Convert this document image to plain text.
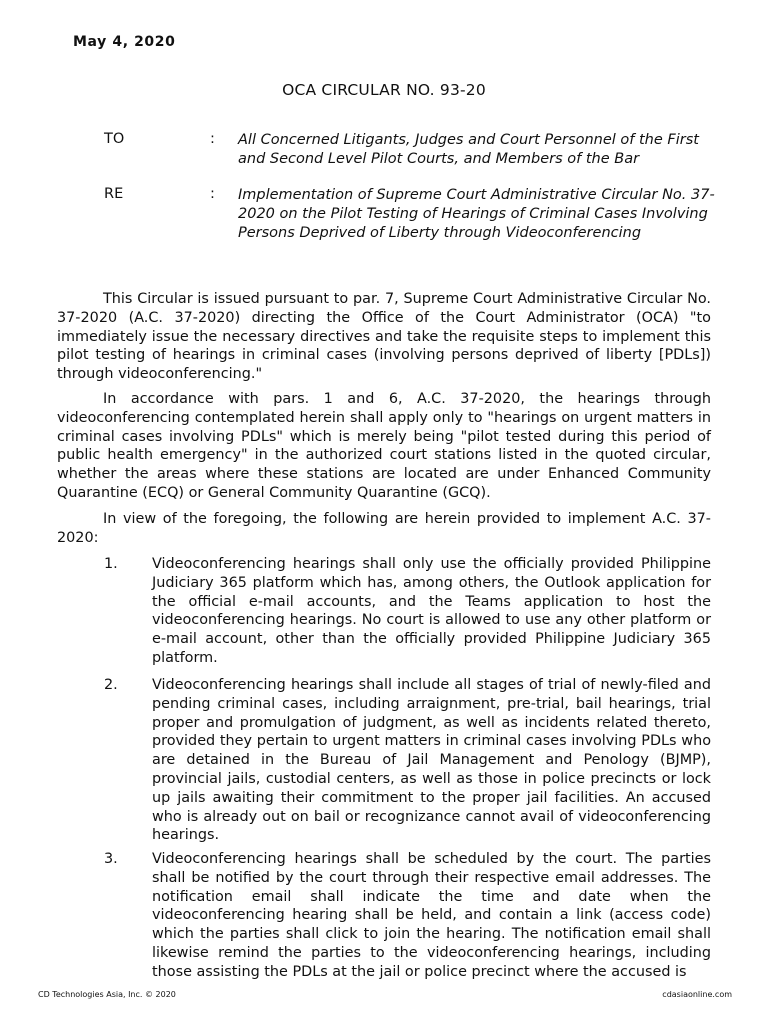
May 4, 2020
OCA CIRCULAR NO. 93-20
TO	: All Concerned Litigants, Judges and Court Personnel of the First and Second Level Pilot Courts, and Members of the Bar
RE	: Implementation of Supreme Court Administrative Circular No. 37-2020 on the Pilot Testing of Hearings of Criminal Cases Involving Persons Deprived of Liberty through Videoconferencing

This Circular is issued pursuant to par. 7, Supreme Court Administrative Circular No. 37-2020 (A.C. 37-2020) directing the Office of the Court Administrator (OCA) "to immediately issue the necessary directives and take the requisite steps to implement this pilot testing of hearings in criminal cases (involving persons deprived of liberty [PDLs]) through videoconferencing."

In accordance with pars. 1 and 6, A.C. 37-2020, the hearings through videoconferencing contemplated herein shall apply only to "hearings on urgent matters in criminal cases involving PDLs" which is merely being "pilot tested during this period of public health emergency" in the authorized court stations listed in the quoted circular, whether the areas where these stations are located are under Enhanced Community Quarantine (ECQ) or General Community Quarantine (GCQ).

In view of the foregoing, the following are herein provided to implement A.C. 37-2020:

1. Videoconferencing hearings shall only use the officially provided Philippine Judiciary 365 platform which has, among others, the Outlook application for the official e-mail accounts, and the Teams application to host the videoconferencing hearings. No court is allowed to use any other platform or e-mail account, other than the officially provided Philippine Judiciary 365 platform.
2. Videoconferencing hearings shall include all stages of trial of newly-filed and pending criminal cases, including arraignment, pre-trial, bail hearings, trial proper and promulgation of judgment, as well as incidents related thereto, provided they pertain to urgent matters in criminal cases involving PDLs who are detained in the Bureau of Jail Management and Penology (BJMP), provincial jails, custodial centers, as well as those in police precincts or lock up jails awaiting their commitment to the proper jail facilities. An accused who is already out on bail or recognizance cannot avail of videoconferencing hearings.
3. Videoconferencing hearings shall be scheduled by the court. The parties shall be notified by the court through their respective email addresses. The notification email shall indicate the time and date when the videoconferencing hearing shall be held, and contain a link (access code) which the parties shall click to join the hearing. The notification email shall likewise remind the parties to the videoconferencing hearings, including those assisting the PDLs at the jail or police precinct where the accused is
CD Technologies Asia, Inc. © 2020	cdasiaonline.com
